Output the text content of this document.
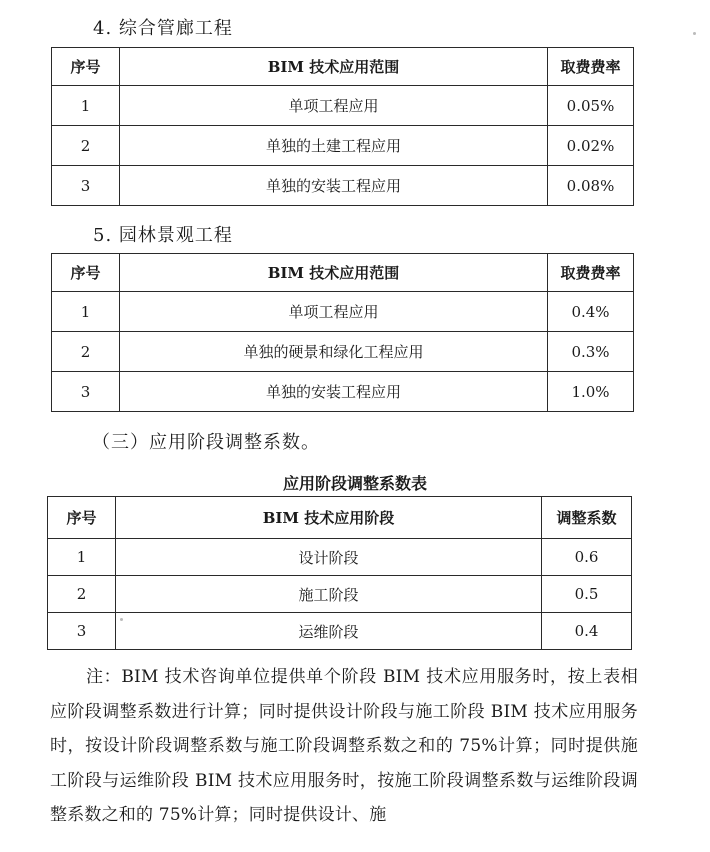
4. 综合管廊工程
序号	BIM 技术应用范围	取费费率
1	单项工程应用	0.05%
2	单独的土建工程应用	0.02%
3	单独的安装工程应用	0.08%
5. 园林景观工程
序号	BIM 技术应用范围	取费费率
1	单项工程应用	0.4%
2	单独的硬景和绿化工程应用	0.3%
3	单独的安装工程应用	1.0%
（三）应用阶段调整系数。
应用阶段调整系数表
序号	BIM 技术应用阶段	调整系数
1	设计阶段	0.6
2	施工阶段	0.5
3	运维阶段	0.4
注：BIM 技术咨询单位提供单个阶段 BIM 技术应用服务时，按上表相应阶段调整系数进行计算；同时提供设计阶段与施工阶段 BIM 技术应用服务时，按设计阶段调整系数与施工阶段调整系数之和的 75%计算；同时提供施工阶段与运维阶段 BIM 技术应用服务时，按施工阶段调整系数与运维阶段调整系数之和的 75%计算；同时提供设计、施
